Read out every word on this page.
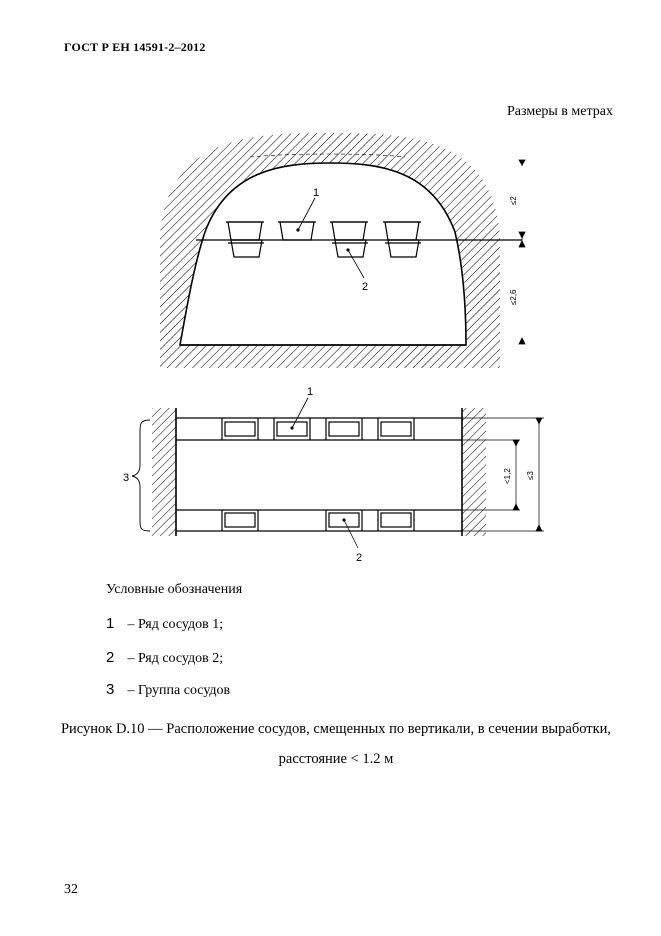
ГОСТ Р ЕН 14591-2–2012
Размеры в метрах
1
2
≤2
≤2,6
1
2
3	<1,2 ≤3
Условные обозначения
1 – Ряд сосудов 1;
2 – Ряд сосудов 2;
3 – Группа сосудов
Рисунок D.10 — Расположение сосудов, смещенных по вертикали, в сечении выработки, расстояние < 1.2 м
32
